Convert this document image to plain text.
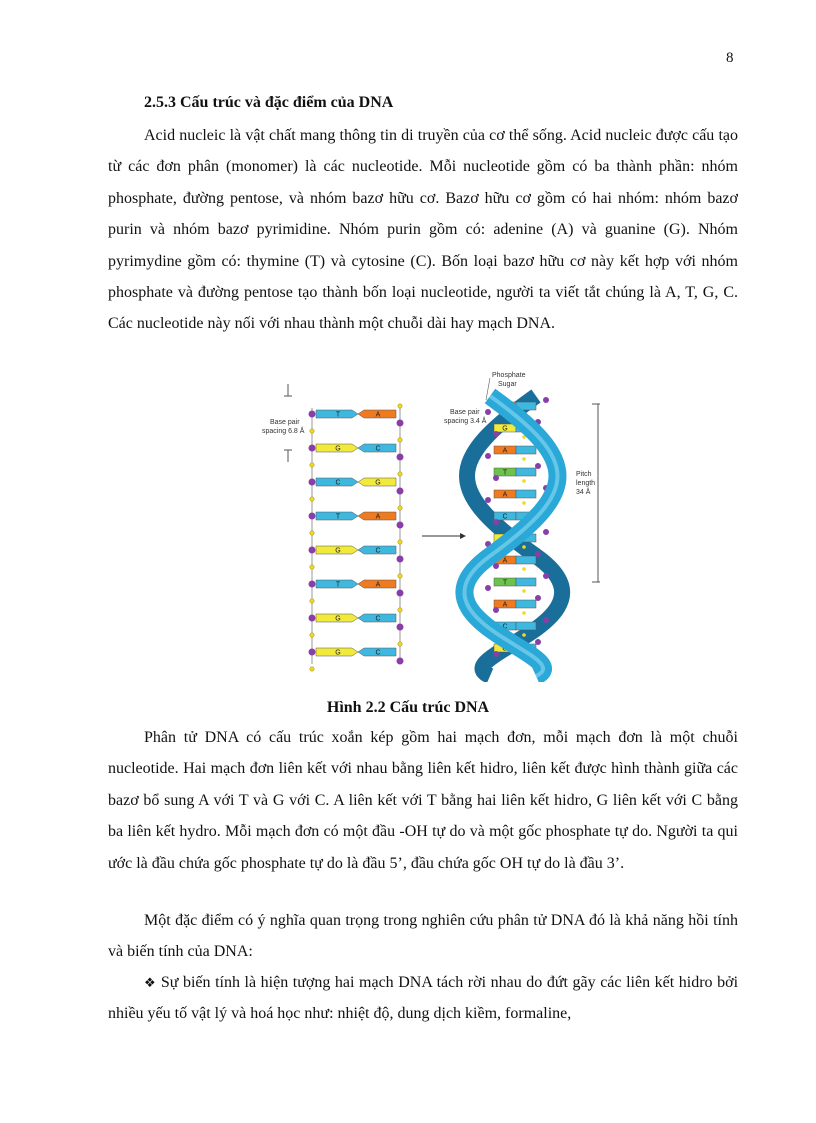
8
2.5.3 Cấu trúc và đặc điểm của DNA

Acid nucleic là vật chất mang thông tin di truyền của cơ thể sống. Acid nucleic được cấu tạo từ các đơn phân (monomer) là các nucleotide. Mỗi nucleotide gồm có ba thành phần: nhóm phosphate, đường pentose, và nhóm bazơ hữu cơ. Bazơ hữu cơ gồm có hai nhóm: nhóm bazơ purin và nhóm bazơ pyrimidine. Nhóm purin gồm có: adenine (A) và guanine (G). Nhóm pyrimydine gồm có: thymine (T) và cytosine (C). Bốn loại bazơ hữu cơ này kết hợp với nhóm phosphate và đường pentose tạo thành bốn loại nucleotide, người ta viết tắt chúng là A, T, G, C. Các nucleotide này nối với nhau thành một chuỗi dài hay mạch DNA.

Base pair
spacing 6.8 Å
T	A
G	C
C	G
T	A
G	C
T	A
G	C
G	C
A
G
A
T
A
C
G
A
T
A
C
G
Pitch
length
34 Å
Phosphate
Sugar
Base pair
spacing 3.4 Å
Hình 2.2 Cấu trúc DNA

Phân tử DNA có cấu trúc xoắn kép gồm hai mạch đơn, mỗi mạch đơn là một chuỗi nucleotide. Hai mạch đơn liên kết với nhau bằng liên kết hidro, liên kết được hình thành giữa các bazơ bổ sung A với T và G với C. A liên kết với T bằng hai liên kết hidro, G liên kết với C bằng ba liên kết hydro. Mỗi mạch đơn có một đầu -OH tự do và một gốc phosphate tự do. Người ta qui ước là đầu chứa gốc phosphate tự do là đầu 5’, đầu chứa gốc OH tự do là đầu 3’.

Một đặc điểm có ý nghĩa quan trọng trong nghiên cứu phân tử DNA đó là khả năng hồi tính và biến tính của DNA:

❖ Sự biến tính là hiện tượng hai mạch DNA tách rời nhau do đứt gãy các liên kết hidro bởi nhiều yếu tố vật lý và hoá học như: nhiệt độ, dung dịch kiềm, formaline,
